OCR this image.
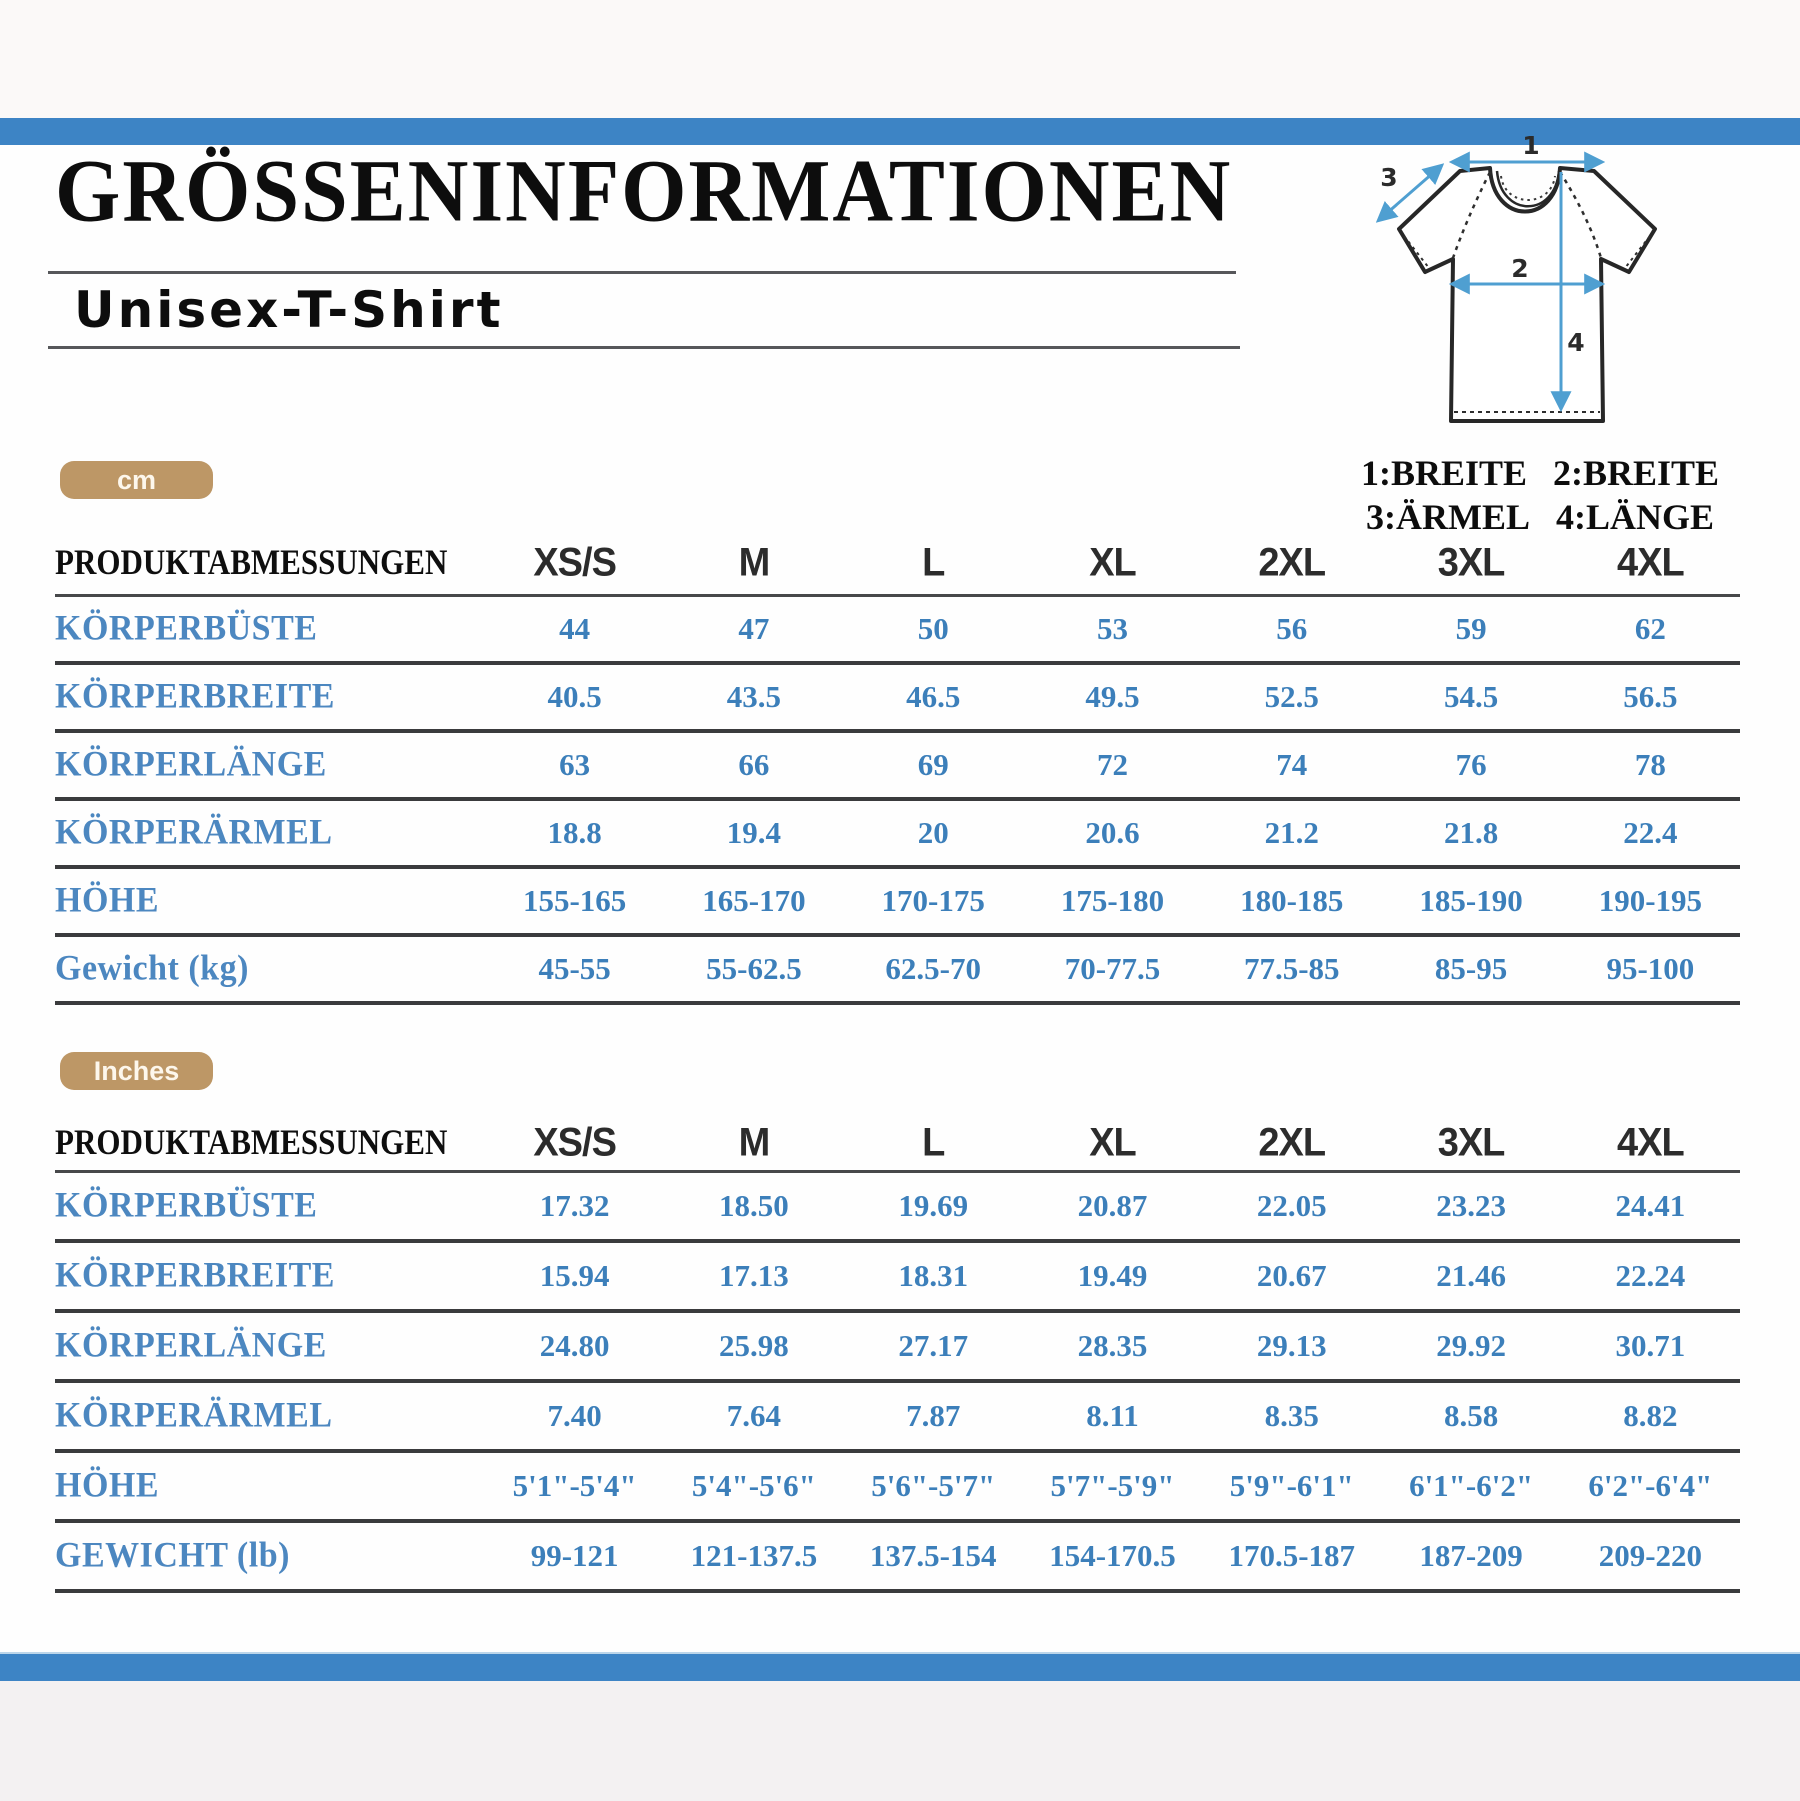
GRÖSSENINFORMATIONEN
Unisex-T-Shirt
1
3
2
4
1:BREITE 2:BREITE
3:ÄRMEL 4:LÄNGE
cm
Inches
PRODUKTABMESSUNGEN	XS/S	M	L	XL	2XL	3XL	4XL
KÖRPERBÜSTE	44	47	50	53	56	59	62
KÖRPERBREITE	40.5	43.5	46.5	49.5	52.5	54.5	56.5
KÖRPERLÄNGE	63	66	69	72	74	76	78
KÖRPERÄRMEL	18.8	19.4	20	20.6	21.2	21.8	22.4
HÖHE	155-165	165-170	170-175	175-180	180-185	185-190	190-195
Gewicht (kg)	45-55	55-62.5	62.5-70	70-77.5	77.5-85	85-95	95-100
PRODUKTABMESSUNGEN	XS/S	M	L	XL	2XL	3XL	4XL
KÖRPERBÜSTE	17.32	18.50	19.69	20.87	22.05	23.23	24.41
KÖRPERBREITE	15.94	17.13	18.31	19.49	20.67	21.46	22.24
KÖRPERLÄNGE	24.80	25.98	27.17	28.35	29.13	29.92	30.71
KÖRPERÄRMEL	7.40	7.64	7.87	8.11	8.35	8.58	8.82
HÖHE	5'1"-5'4"	5'4"-5'6"	5'6"-5'7"	5'7"-5'9"	5'9"-6'1"	6'1"-6'2"	6'2"-6'4"
GEWICHT (lb)	99-121	121-137.5	137.5-154	154-170.5	170.5-187	187-209	209-220
